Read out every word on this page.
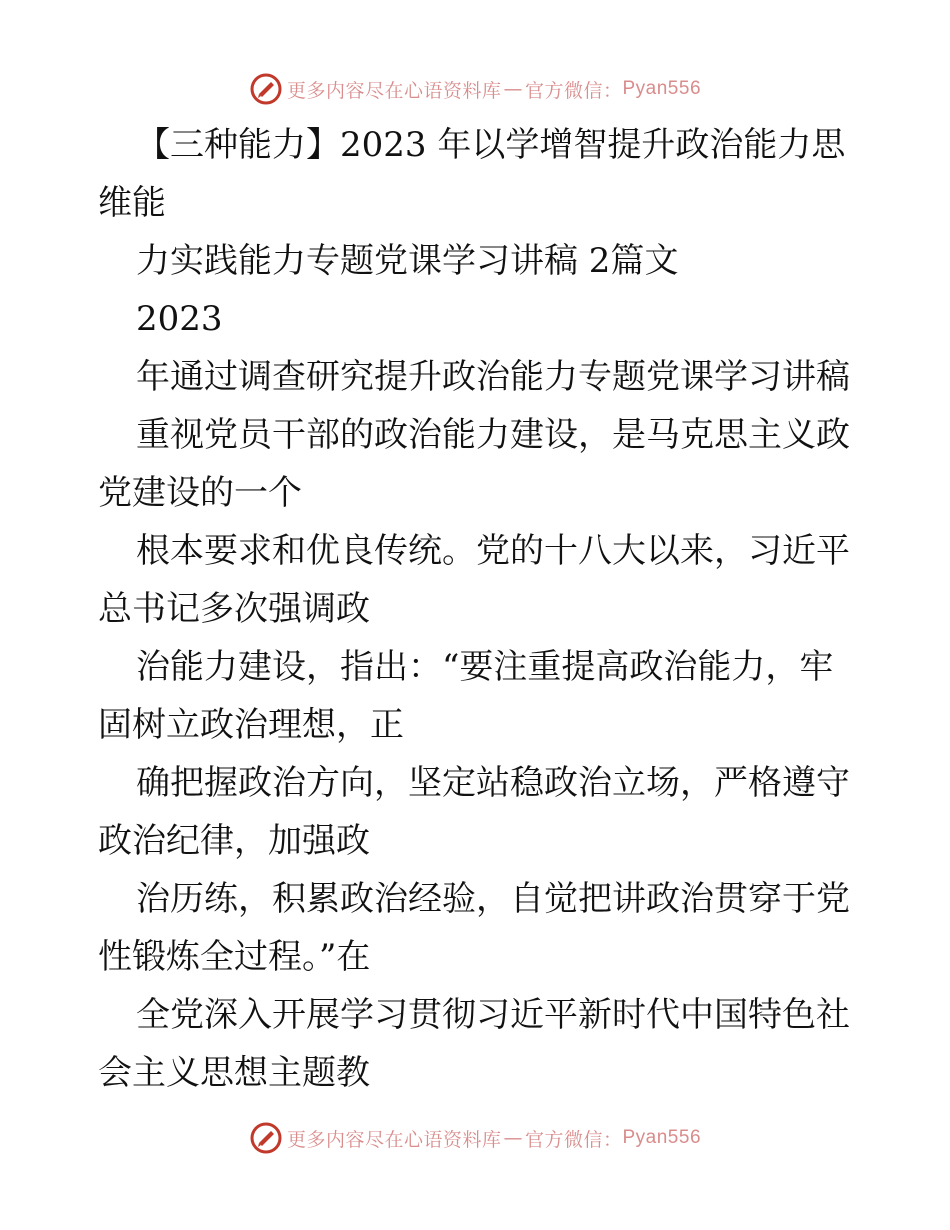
更多内容尽在心语资料库 — 官方微信： Pyan556
【三种能力】2023 年以学增智提升政治能力思
维能
力实践能力专题党课学习讲稿 2篇文
2023
年通过调查研究提升政治能力专题党课学习讲稿
重视党员干部的政治能力建设，是马克思主义政
党建设的一个
根本要求和优良传统。党的十八大以来，习近平
总书记多次强调政
治能力建设，指出：“要注重提高政治能力，牢
固树立政治理想，正
确把握政治方向，坚定站稳政治立场，严格遵守
政治纪律，加强政
治历练，积累政治经验，自觉把讲政治贯穿于党
性锻炼全过程。”在
全党深入开展学习贯彻习近平新时代中国特色社
会主义思想主题教
更多内容尽在心语资料库 — 官方微信： Pyan556
